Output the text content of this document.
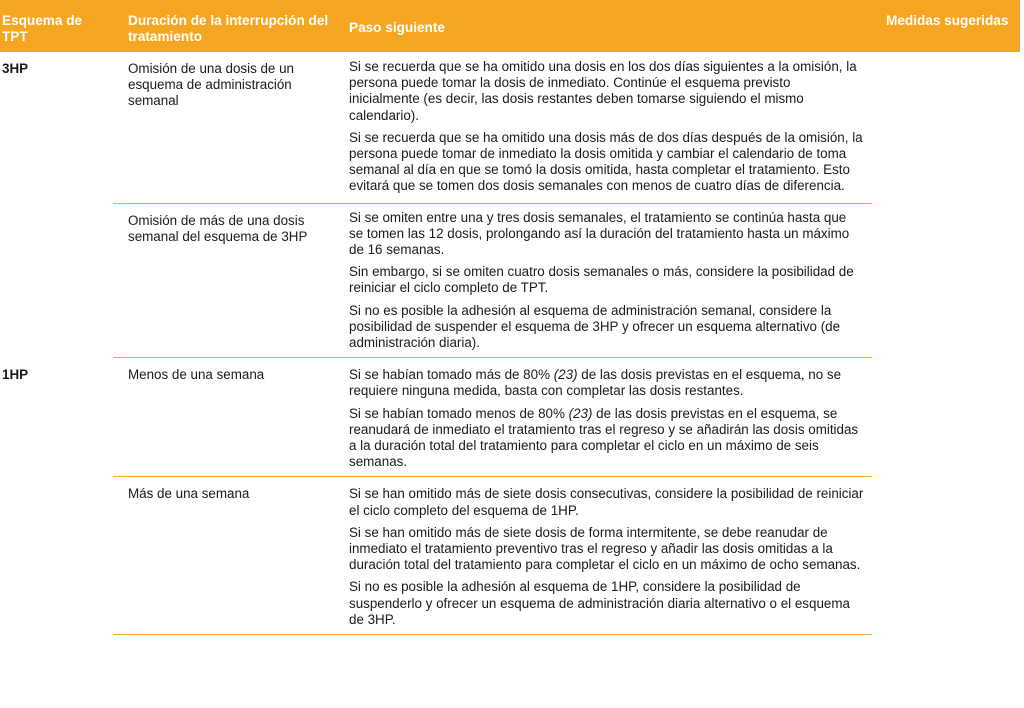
Esquema de TPT	Duración de la interrupción del tratamiento	Paso siguiente	Medidas sugeridas
3HP	Omisión de una dosis de un esquema de administración semanal	Si se recuerda que se ha omitido una dosis en los dos días siguientes a la omisión, la persona puede tomar la dosis de inmediato. Continúe el esquema previsto inicialmente (es decir, las dosis restantes deben tomarse siguiendo el mismo calendario).

Si se recuerda que se ha omitido una dosis más de dos días después de la omisión, la persona puede tomar de inmediato la dosis omitida y cambiar el calendario de toma semanal al día en que se tomó la dosis omitida, hasta completar el tratamiento. Esto evitará que se tomen dos dosis semanales con menos de cuatro días de diferencia.	

	Omisión de más de una dosis semanal del esquema de 3HP	Si se omiten entre una y tres dosis semanales, el tratamiento se continúa hasta que se tomen las 12 dosis, prolongando así la duración del tratamiento hasta un máximo de 16 semanas.

Sin embargo, si se omiten cuatro dosis semanales o más, considere la posibilidad de reiniciar el ciclo completo de TPT.

Si no es posible la adhesión al esquema de administración semanal, considere la posibilidad de suspender el esquema de 3HP y ofrecer un esquema alternativo (de administración diaria).	

1HP	Menos de una semana	Si se habían tomado más de 80% (23) de las dosis previstas en el esquema, no se requiere ninguna medida, basta con completar las dosis restantes.

Si se habían tomado menos de 80% (23) de las dosis previstas en el esquema, se reanudará de inmediato el tratamiento tras el regreso y se añadirán las dosis omitidas a la duración total del tratamiento para completar el ciclo en un máximo de seis semanas.	

	Más de una semana	Si se han omitido más de siete dosis consecutivas, considere la posibilidad de reiniciar el ciclo completo del esquema de 1HP.

Si se han omitido más de siete dosis de forma intermitente, se debe reanudar de inmediato el tratamiento preventivo tras el regreso y añadir las dosis omitidas a la duración total del tratamiento para completar el ciclo en un máximo de ocho semanas.

Si no es posible la adhesión al esquema de 1HP, considere la posibilidad de suspenderlo y ofrecer un esquema de administración diaria alternativo o el esquema de 3HP.	
